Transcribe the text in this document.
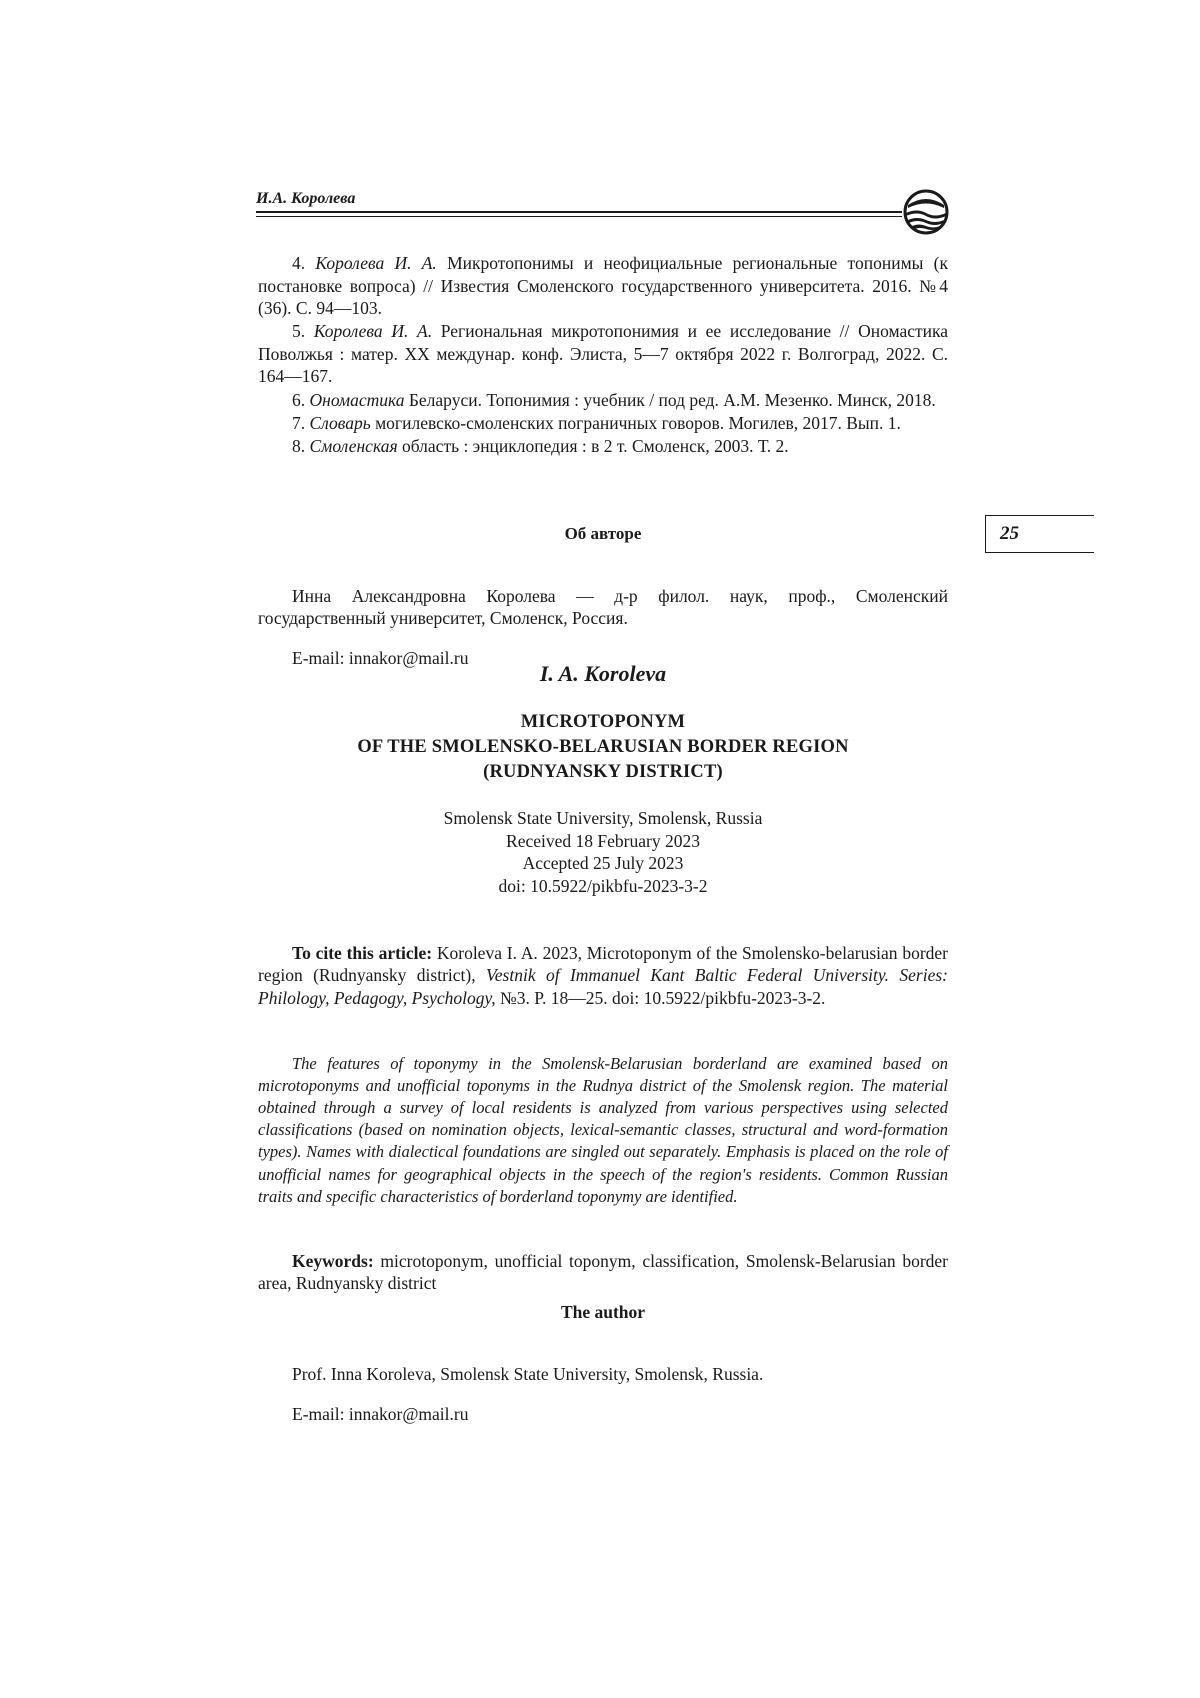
И.А. Королева
25

4. Королева И. А. Микротопонимы и неофициальные региональные топонимы (к постановке вопроса) // Известия Смоленского государственного университета. 2016. №4 (36). С. 94—103.

5. Королева И. А. Региональная микротопонимия и ее исследование // Ономастика Поволжья : матер. XX междунар. конф. Элиста, 5—7 октября 2022 г. Волгоград, 2022. С. 164—167.

6. Ономастика Беларуси. Топонимия : учебник / под ред. А.М. Мезенко. Минск, 2018.

7. Словарь могилевско-смоленских пограничных говоров. Могилев, 2017. Вып. 1.

8. Смоленская область : энциклопедия : в 2 т. Смоленск, 2003. Т. 2.

Об авторе

Инна Александровна Королева — д-р филол. наук, проф., Смоленский государственный университет, Смоленск, Россия.

E-mail: innakor@mail.ru

I. A. Koroleva
MICROTOPONYM
OF THE SMOLENSKO-BELARUSIAN BORDER REGION
(RUDNYANSKY DISTRICT)
Smolensk State University, Smolensk, Russia
Received 18 February 2023
Accepted 25 July 2023
doi: 10.5922/pikbfu-2023-3-2

To cite this article: Koroleva I. A. 2023, Microtoponym of the Smolensko-belarusian border region (Rudnyansky district), Vestnik of Immanuel Kant Baltic Federal University. Series: Philology, Pedagogy, Psychology, №3. P. 18—25. doi: 10.5922/pikbfu-2023-3-2.

The features of toponymy in the Smolensk-Belarusian borderland are examined based on microtoponyms and unofficial toponyms in the Rudnya district of the Smolensk region. The material obtained through a survey of local residents is analyzed from various perspectives using selected classifications (based on nomination objects, lexical-semantic classes, structural and word-formation types). Names with dialectical foundations are singled out separately. Emphasis is placed on the role of unofficial names for geographical objects in the speech of the region's residents. Common Russian traits and specific characteristics of borderland toponymy are identified.

Keywords: microtoponym, unofficial toponym, classification, Smolensk-Belarusian border area, Rudnyansky district

The author

Prof. Inna Koroleva, Smolensk State University, Smolensk, Russia.

E-mail: innakor@mail.ru
